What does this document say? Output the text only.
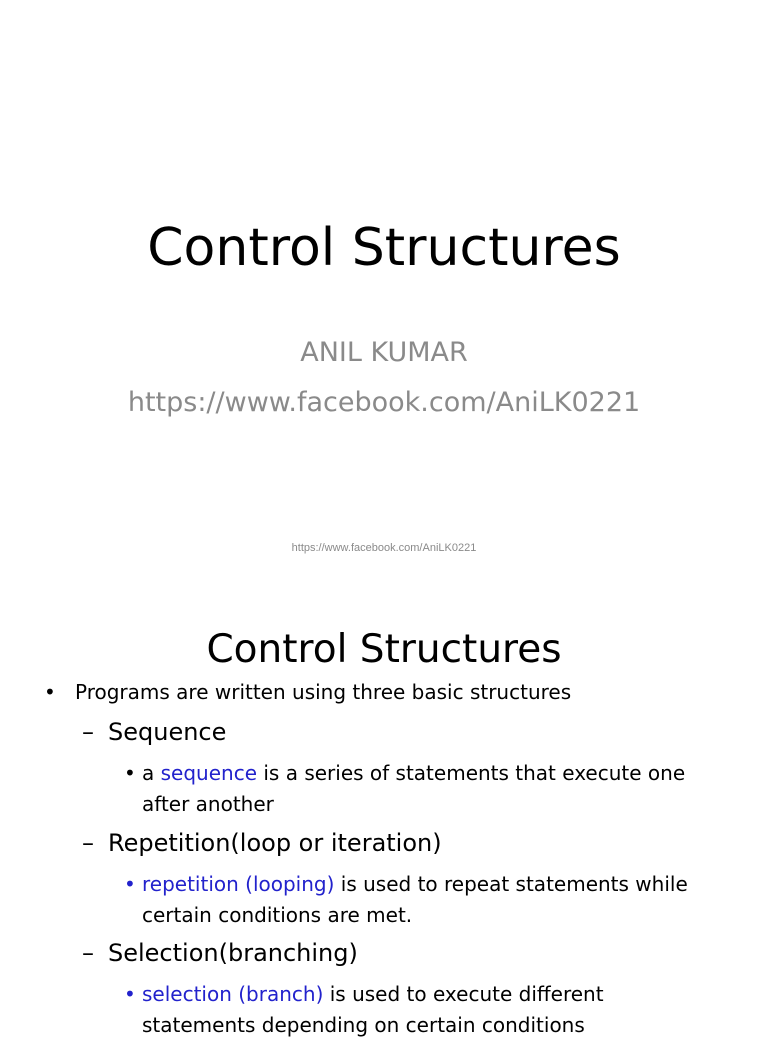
Control Structures
ANIL KUMAR
https://www.facebook.com/AniLK0221
https://www.facebook.com/AniLK0221
Control Structures
• Programs are written using three basic structures
– Sequence
• a sequence is a series of statements that execute one
after another
– Repetition(loop or iteration)
• repetition (looping) is used to repeat statements while
certain conditions are met.
– Selection(branching)
• selection (branch) is used to execute different
statements depending on certain conditions
